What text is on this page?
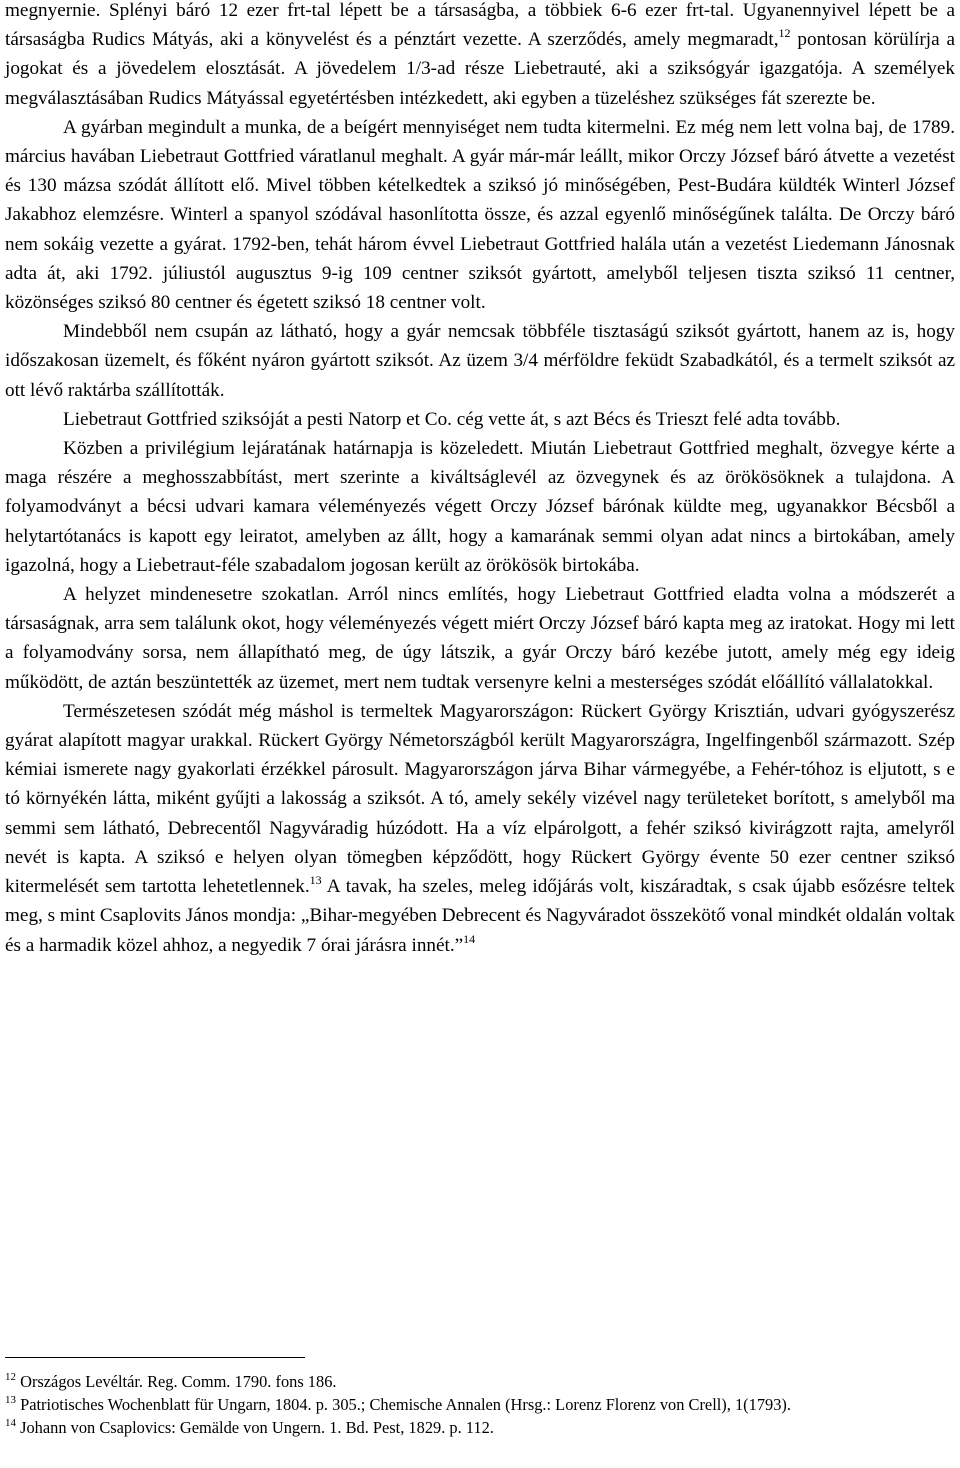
megnyernie. Splényi báró 12 ezer frt-tal lépett be a társaságba, a többiek 6-6 ezer frt-tal. Ugyanennyivel lépett be a társaságba Rudics Mátyás, aki a könyvelést és a pénztárt vezette. A szerződés, amely megmaradt,$^{12}$ pontosan körülírja a jogokat és a jövedelem elosztását. A jövedelem 1/3-ad része Liebetrauté, aki a sziksógyár igazgatója. A személyek megválasztásában Rudics Mátyással egyetértésben intézkedett, aki egyben a tüzeléshez szükséges fát szerezte be.

A gyárban megindult a munka, de a beígért mennyiséget nem tudta kitermelni. Ez még nem lett volna baj, de 1789. március havában Liebetraut Gottfried váratlanul meghalt. A gyár már-már leállt, mikor Orczy József báró átvette a vezetést és 130 mázsa szódát állított elő. Mivel többen kételkedtek a sziksó jó minőségében, Pest-Budára küldték Winterl József Jakabhoz elemzésre. Winterl a spanyol szódával hasonlította össze, és azzal egyenlő minőségűnek találta. De Orczy báró nem sokáig vezette a gyárat. 1792-ben, tehát három évvel Liebetraut Gottfried halála után a vezetést Liedemann Jánosnak adta át, aki 1792. júliustól augusztus 9-ig 109 centner sziksót gyártott, amelyből teljesen tiszta sziksó 11 centner, közönséges sziksó 80 centner és égetett sziksó 18 centner volt.

Mindebből nem csupán az látható, hogy a gyár nemcsak többféle tisztaságú sziksót gyártott, hanem az is, hogy időszakosan üzemelt, és főként nyáron gyártott sziksót. Az üzem 3/4 mérföldre feküdt Szabadkától, és a termelt sziksót az ott lévő raktárba szállították.

Liebetraut Gottfried sziksóját a pesti Natorp et Co. cég vette át, s azt Bécs és Trieszt felé adta tovább.

Közben a privilégium lejáratának határnapja is közeledett. Miután Liebetraut Gottfried meghalt, özvegye kérte a maga részére a meghosszabbítást, mert szerinte a kiváltságlevél az özvegynek és az örökösöknek a tulajdona. A folyamodványt a bécsi udvari kamara véleményezés végett Orczy József bárónak küldte meg, ugyanakkor Bécsből a helytartótanács is kapott egy leiratot, amelyben az állt, hogy a kamarának semmi olyan adat nincs a birtokában, amely igazolná, hogy a Liebetraut-féle szabadalom jogosan került az örökösök birtokába.

A helyzet mindenesetre szokatlan. Arról nincs említés, hogy Liebetraut Gottfried eladta volna a módszerét a társaságnak, arra sem találunk okot, hogy véleményezés végett miért Orczy József báró kapta meg az iratokat. Hogy mi lett a folyamodvány sorsa, nem állapítható meg, de úgy látszik, a gyár Orczy báró kezébe jutott, amely még egy ideig működött, de aztán beszüntették az üzemet, mert nem tudtak versenyre kelni a mesterséges szódát előállító vállalatokkal.

Természetesen szódát még máshol is termeltek Magyarországon: Rückert György Krisztián, udvari gyógyszerész gyárat alapított magyar urakkal. Rückert György Németországból került Magyarországra, Ingelfingenből származott. Szép kémiai ismerete nagy gyakorlati érzékkel párosult. Magyarországon járva Bihar vármegyébe, a Fehér-tóhoz is eljutott, s e tó környékén látta, miként gyűjti a lakosság a sziksót. A tó, amely sekély vizével nagy területeket borított, s amelyből ma semmi sem látható, Debrecentől Nagyváradig húzódott. Ha a víz elpárolgott, a fehér sziksó kivirágzott rajta, amelyről nevét is kapta. A sziksó e helyen olyan tömegben képződött, hogy Rückert György évente 50 ezer centner sziksó kitermelését sem tartotta lehetetlennek.$^{13}$ A tavak, ha szeles, meleg időjárás volt, kiszáradtak, s csak újabb esőzésre teltek meg, s mint Csaplovits János mondja: „Bihar-megyében Debrecent és Nagyváradot összekötő vonal mindkét oldalán voltak és a harmadik közel ahhoz, a negyedik 7 órai járásra innét.”$^{14}$

$^{12}$ Országos Levéltár. Reg. Comm. 1790. fons 186.

$^{13}$ Patriotisches Wochenblatt für Ungarn, 1804. p. 305.; Chemische Annalen (Hrsg.: Lorenz Florenz von Crell), 1(1793).

$^{14}$ Johann von Csaplovics: Gemälde von Ungern. 1. Bd. Pest, 1829. p. 112.
